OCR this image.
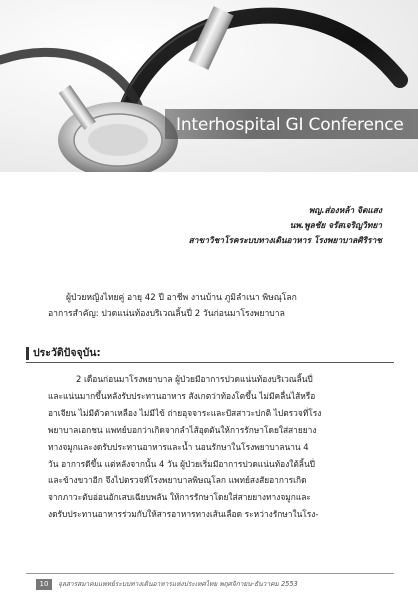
Interhospital GI Conference
พญ.ส่องหล้า จิตแสง
นพ.พูลชัย จรัสเจริญวิทยา
สาขาวิชาโรคระบบทางเดินอาหาร โรงพยาบาลศิริราช
ผู้ป่วยหญิงไทยคู่ อายุ 42 ปี อาชีพ งานบ้าน ภูมิลำเนา พิษณุโลก
อาการสำคัญ: ปวดแน่นท้องบริเวณลิ้นปี่ 2 วันก่อนมาโรงพยาบาล
ประวัติปัจจุบัน:
2 เดือนก่อนมาโรงพยาบาล ผู้ป่วยมีอาการปวดแน่นท้องบริเวณลิ้นปี่
และแน่นมากขึ้นหลังรับประทานอาหาร สังเกตว่าท้องโตขึ้น ไม่มีคลื่นไส้หรือ
อาเจียน ไม่มีตัวตาเหลือง ไม่มีไข้ ถ่ายอุจจาระและปัสสาวะปกติ ไปตรวจที่โรง
พยาบาลเอกชน แพทย์บอกว่าเกิดจากลำไส้อุดตันให้การรักษาโดยใส่สายยาง
ทางจมูกและงดรับประทานอาหารและน้ำ นอนรักษาในโรงพยาบาลนาน 4
วัน อาการดีขึ้น แต่หลังจากนั้น 4 วัน ผู้ป่วยเริ่มมีอาการปวดแน่นท้องใต้ลิ้นปี่
และข้างขวาอีก จึงไปตรวจที่โรงพยาบาลพิษณุโลก แพทย์สงสัยอาการเกิด
จากภาวะตับอ่อนอักเสบเฉียบพลัน ให้การรักษาโดยใส่สายยางทางจมูกและ
งดรับประทานอาหารร่วมกับให้สารอาหารทางเส้นเลือด ระหว่างรักษาในโรง-
10	จุลสารสมาคมแพทย์ระบบทางเดินอาหารแห่งประเทศไทย พฤศจิกายน-ธันวาคม 2553
